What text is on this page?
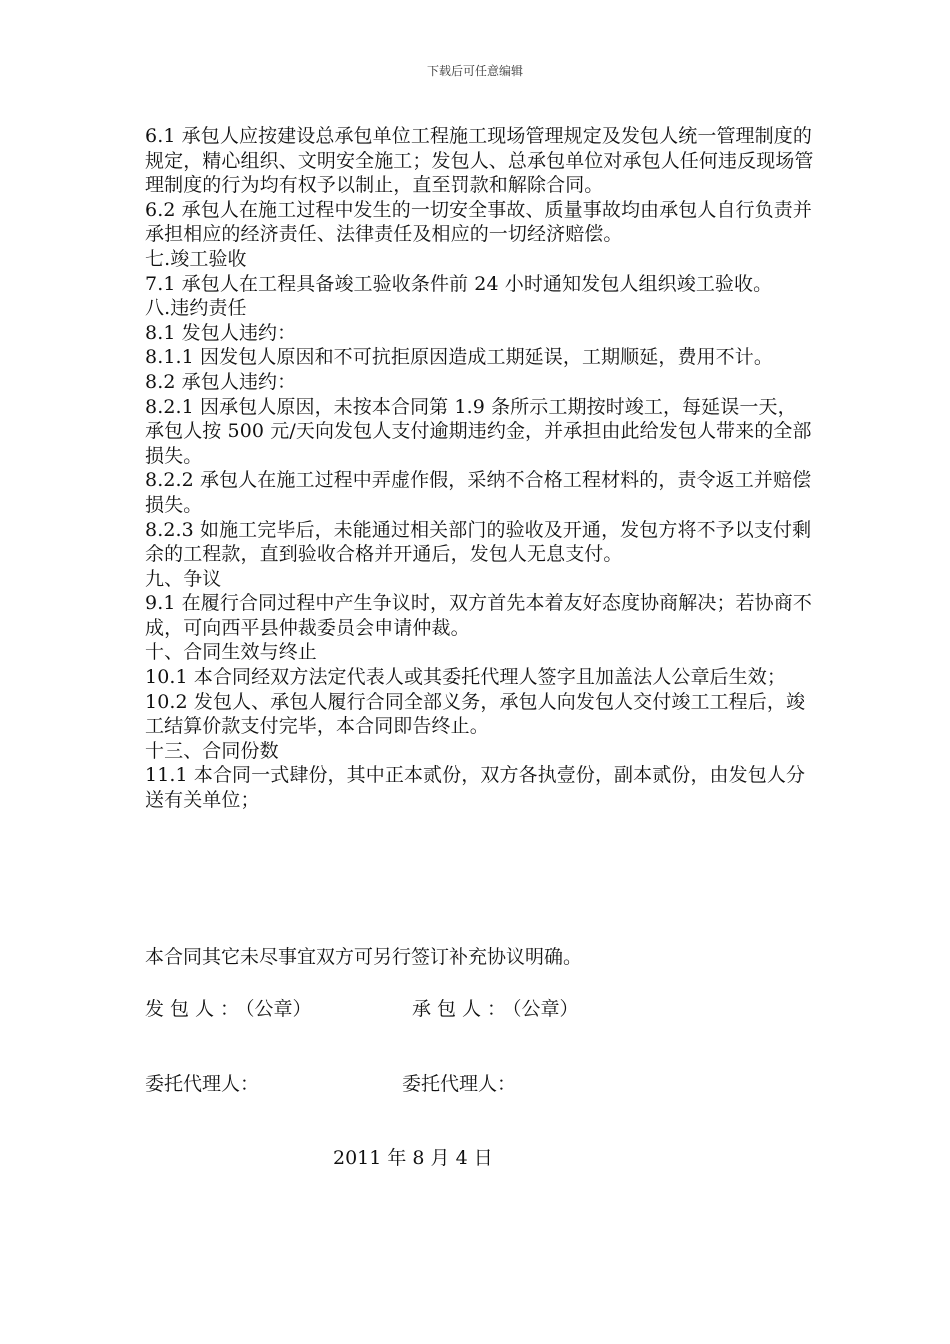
下载后可任意编辑

6.1 承包人应按建设总承包单位工程施工现场管理规定及发包人统一管理制度的规定，精心组织、文明安全施工；发包人、总承包单位对承包人任何违反现场管理制度的行为均有权予以制止，直至罚款和解除合同。

6.2 承包人在施工过程中发生的一切安全事故、质量事故均由承包人自行负责并承担相应的经济责任、法律责任及相应的一切经济赔偿。

七.竣工验收

7.1 承包人在工程具备竣工验收条件前 24 小时通知发包人组织竣工验收。

八.违约责任

8.1 发包人违约：

8.1.1 因发包人原因和不可抗拒原因造成工期延误，工期顺延，费用不计。

8.2 承包人违约：

8.2.1 因承包人原因，未按本合同第 1.9 条所示工期按时竣工，每延误一天，承包人按 500 元/天向发包人支付逾期违约金，并承担由此给发包人带来的全部损失。

8.2.2 承包人在施工过程中弄虚作假，采纳不合格工程材料的，责令返工并赔偿损失。

8.2.3 如施工完毕后，未能通过相关部门的验收及开通，发包方将不予以支付剩余的工程款，直到验收合格并开通后，发包人无息支付。

九、争议

9.1 在履行合同过程中产生争议时，双方首先本着友好态度协商解决；若协商不成，可向西平县仲裁委员会申请仲裁。

十、合同生效与终止

10.1 本合同经双方法定代表人或其委托代理人签字且加盖法人公章后生效；

10.2 发包人、承包人履行合同全部义务，承包人向发包人交付竣工工程后，竣工结算价款支付完毕，本合同即告终止。

十三、合同份数

11.1 本合同一式肆份，其中正本贰份，双方各执壹份，副本贰份，由发包人分送有关单位；

本合同其它未尽事宜双方可另行签订补充协议明确。
发包人：（公章）	承包人：（公章）
委托代理人：	委托代理人：
2011 年 8 月 4 日
